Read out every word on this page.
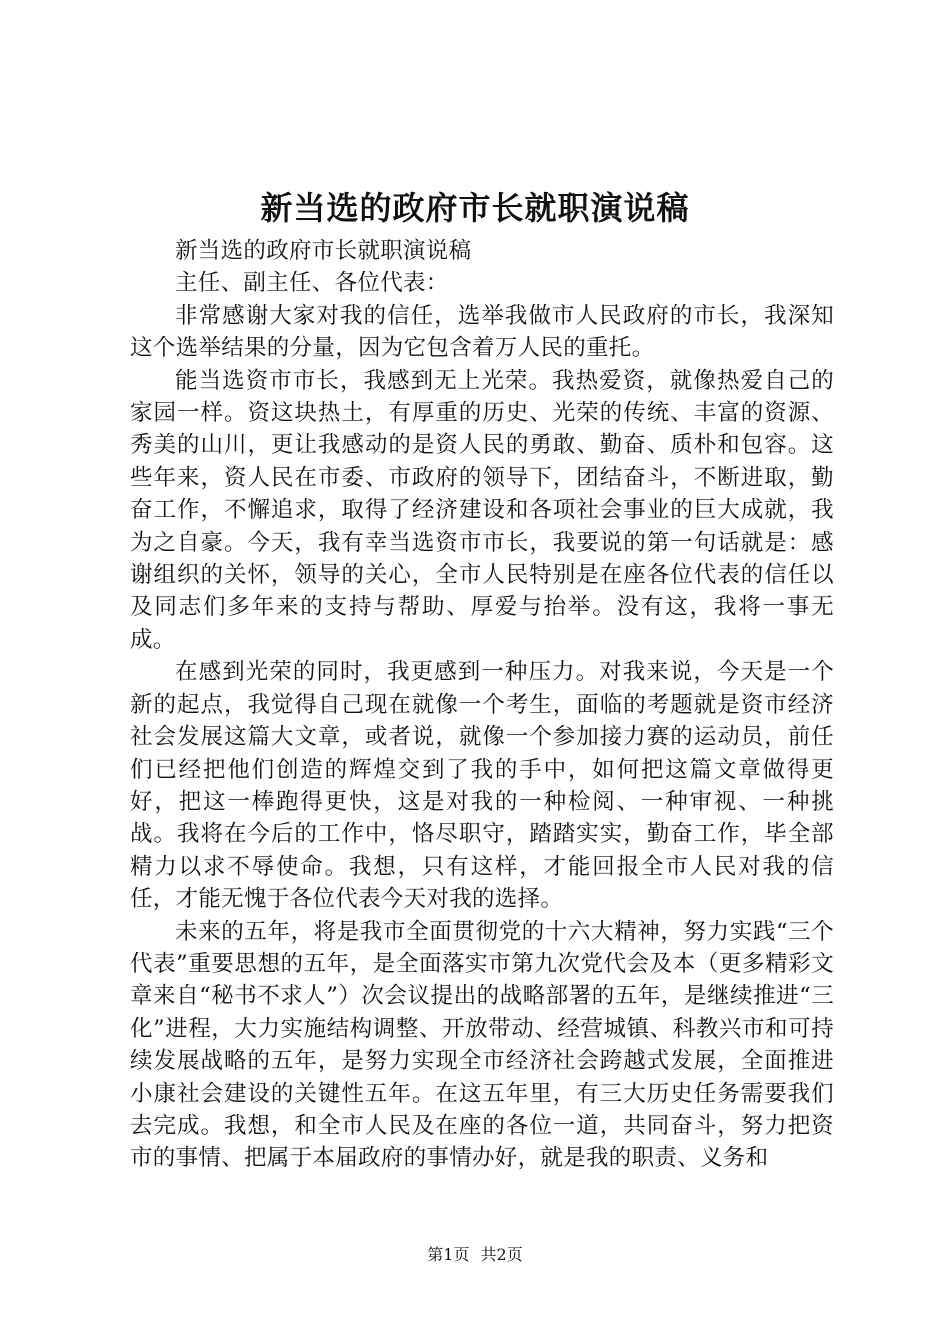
新当选的政府市长就职演说稿

新当选的政府市长就职演说稿

主任、副主任、各位代表：

非常感谢大家对我的信任，选举我做市人民政府的市长，我深知这个选举结果的分量，因为它包含着万人民的重托。

能当选资市市长，我感到无上光荣。我热爱资，就像热爱自己的家园一样。资这块热土，有厚重的历史、光荣的传统、丰富的资源、秀美的山川，更让我感动的是资人民的勇敢、勤奋、质朴和包容。这些年来，资人民在市委、市政府的领导下，团结奋斗，不断进取，勤奋工作，不懈追求，取得了经济建设和各项社会事业的巨大成就，我为之自豪。今天，我有幸当选资市市长，我要说的第一句话就是：感谢组织的关怀，领导的关心，全市人民特别是在座各位代表的信任以及同志们多年来的支持与帮助、厚爱与抬举。没有这，我将一事无成。

在感到光荣的同时，我更感到一种压力。对我来说，今天是一个新的起点，我觉得自己现在就像一个考生，面临的考题就是资市经济社会发展这篇大文章，或者说，就像一个参加接力赛的运动员，前任们已经把他们创造的辉煌交到了我的手中，如何把这篇文章做得更好，把这一棒跑得更快，这是对我的一种检阅、一种审视、一种挑战。我将在今后的工作中，恪尽职守，踏踏实实，勤奋工作，毕全部精力以求不辱使命。我想，只有这样，才能回报全市人民对我的信任，才能无愧于各位代表今天对我的选择。

未来的五年，将是我市全面贯彻党的十六大精神，努力实践“三个代表”重要思想的五年，是全面落实市第九次党代会及本（更多精彩文章来自“秘书不求人”）次会议提出的战略部署的五年，是继续推进“三化”进程，大力实施结构调整、开放带动、经营城镇、科教兴市和可持续发展战略的五年，是努力实现全市经济社会跨越式发展，全面推进小康社会建设的关键性五年。在这五年里，有三大历史任务需要我们去完成。我想，和全市人民及在座的各位一道，共同奋斗，努力把资市的事情、把属于本届政府的事情办好，就是我的职责、义务和

第1页 共2页
